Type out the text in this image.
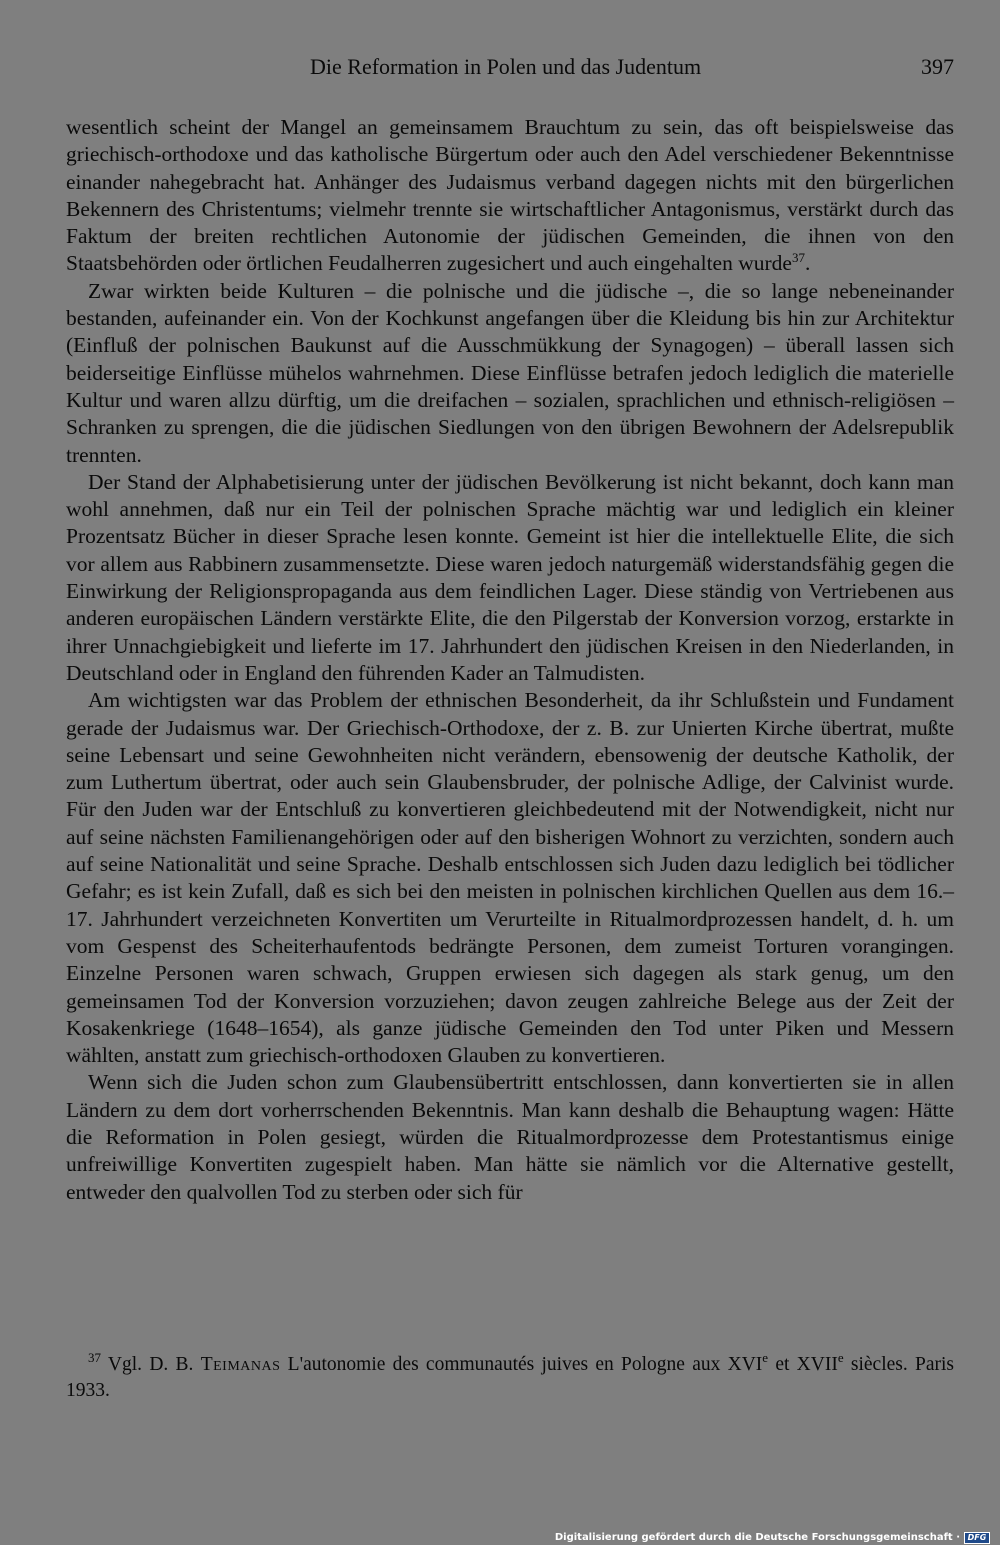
Die Reformation in Polen und das Judentum	397

wesentlich scheint der Mangel an gemeinsamem Brauchtum zu sein, das oft beispielsweise das griechisch-orthodoxe und das katholische Bürgertum oder auch den Adel verschiedener Bekenntnisse einander nahegebracht hat. Anhänger des Judaismus verband dagegen nichts mit den bürgerlichen Bekennern des Christentums; vielmehr trennte sie wirtschaftlicher Antagonismus, verstärkt durch das Faktum der breiten rechtlichen Autonomie der jüdischen Gemeinden, die ihnen von den Staatsbehörden oder örtlichen Feudalherren zugesichert und auch eingehalten wurde$^{37}$.

Zwar wirkten beide Kulturen – die polnische und die jüdische –, die so lange nebeneinander bestanden, aufeinander ein. Von der Kochkunst angefangen über die Kleidung bis hin zur Architektur (Einfluß der polnischen Baukunst auf die Ausschmükkung der Synagogen) – überall lassen sich beiderseitige Einflüsse mühelos wahrnehmen. Diese Einflüsse betrafen jedoch lediglich die materielle Kultur und waren allzu dürftig, um die dreifachen – sozialen, sprachlichen und ethnisch-religiösen – Schranken zu sprengen, die die jüdischen Siedlungen von den übrigen Bewohnern der Adelsrepublik trennten.

Der Stand der Alphabetisierung unter der jüdischen Bevölkerung ist nicht bekannt, doch kann man wohl annehmen, daß nur ein Teil der polnischen Sprache mächtig war und lediglich ein kleiner Prozentsatz Bücher in dieser Sprache lesen konnte. Gemeint ist hier die intellektuelle Elite, die sich vor allem aus Rabbinern zusammensetzte. Diese waren jedoch naturgemäß widerstandsfähig gegen die Einwirkung der Religionspropaganda aus dem feindlichen Lager. Diese ständig von Vertriebenen aus anderen europäischen Ländern verstärkte Elite, die den Pilgerstab der Konversion vorzog, erstarkte in ihrer Unnachgiebigkeit und lieferte im 17. Jahrhundert den jüdischen Kreisen in den Niederlanden, in Deutschland oder in England den führenden Kader an Talmudisten.

Am wichtigsten war das Problem der ethnischen Besonderheit, da ihr Schlußstein und Fundament gerade der Judaismus war. Der Griechisch-Orthodoxe, der z. B. zur Unierten Kirche übertrat, mußte seine Lebensart und seine Gewohnheiten nicht verändern, ebensowenig der deutsche Katholik, der zum Luthertum übertrat, oder auch sein Glaubensbruder, der polnische Adlige, der Calvinist wurde. Für den Juden war der Entschluß zu konvertieren gleichbedeutend mit der Notwendigkeit, nicht nur auf seine nächsten Familienangehörigen oder auf den bisherigen Wohnort zu verzichten, sondern auch auf seine Nationalität und seine Sprache. Deshalb entschlossen sich Juden dazu lediglich bei tödlicher Gefahr; es ist kein Zufall, daß es sich bei den meisten in polnischen kirchlichen Quellen aus dem 16.–17. Jahrhundert verzeichneten Konvertiten um Verurteilte in Ritualmordprozessen handelt, d. h. um vom Gespenst des Scheiterhaufentods bedrängte Personen, dem zumeist Torturen vorangingen. Einzelne Personen waren schwach, Gruppen erwiesen sich dagegen als stark genug, um den gemeinsamen Tod der Konversion vorzuziehen; davon zeugen zahlreiche Belege aus der Zeit der Kosakenkriege (1648–1654), als ganze jüdische Gemeinden den Tod unter Piken und Messern wählten, anstatt zum griechisch-orthodoxen Glauben zu konvertieren.

Wenn sich die Juden schon zum Glaubensübertritt entschlossen, dann konvertierten sie in allen Ländern zu dem dort vorherrschenden Bekenntnis. Man kann deshalb die Behauptung wagen: Hätte die Reformation in Polen gesiegt, würden die Ritualmordprozesse dem Protestantismus einige unfreiwillige Konvertiten zugespielt haben. Man hätte sie nämlich vor die Alternative gestellt, entweder den qualvollen Tod zu sterben oder sich für

$^{37}$ Vgl. D. B. Teimanas L'autonomie des communautés juives en Pologne aux XVIe et XVIIe siècles. Paris 1933.

Digitalisierung gefördert durch die Deutsche Forschungsgemeinschaft · DFG
